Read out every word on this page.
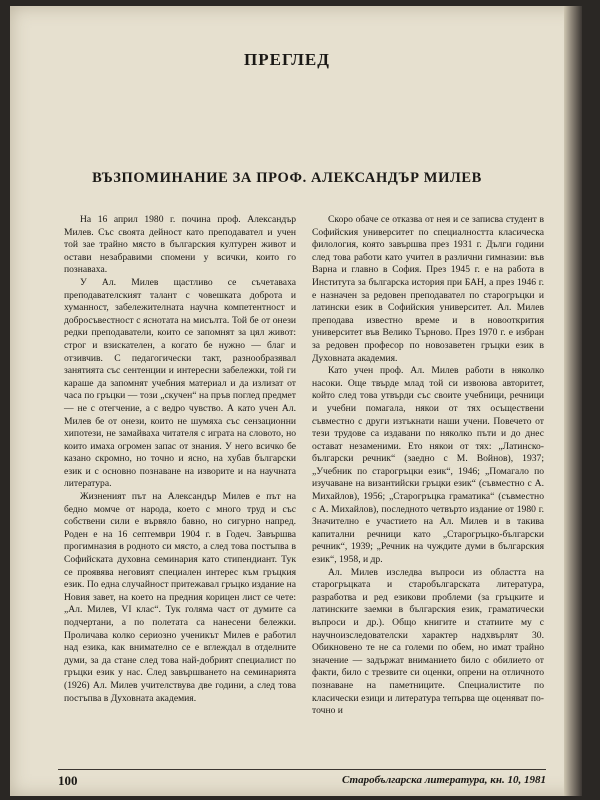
ПРЕГЛЕД
ВЪЗПОМИНАНИЕ ЗА ПРОФ. АЛЕКСАНДЪР МИЛЕВ

На 16 април 1980 г. почина проф. Александър Милев. Със своята дейност като преподавател и учен той зае трайно място в българския културен живот и остави незабравими спомени у всички, които го познаваха.

У Ал. Милев щастливо се съчетаваха преподавателският талант с човешката доброта и хуманност, забележителната научна компетентност и добросъвестност с яснотата на мисълта. Той бе от онези редки преподаватели, които се запомнят за цял живот: строг и взискателен, а когато бе нужно — благ и отзивчив. С педагогически такт, разнообразявал занятията със сентенции и интересни забележки, той ги караше да запомнят учебния материал и да излизат от часа по гръцки — този „скучен“ на пръв поглед предмет — не с отегчение, а с ведро чувство. А като учен Ал. Милев бе от онези, които не шумяха със сензационни хипотези, не замайваха читателя с играта на словото, но които имаха огромен запас от знания. У него всичко бе казано скромно, но точно и ясно, на хубав български език и с основно познаване на изворите и на научната литература.

Жизненият път на Александър Милев е път на бедно момче от народа, което с много труд и със собствени сили е вървяло бавно, но сигурно напред. Роден е на 16 септември 1904 г. в Годеч. Завършва прогимназия в родното си място, а след това постъпва в Софийската духовна семинария като стипендиант. Тук се проявява неговият специален интерес към гръцкия език. По една случайност притежавал гръцко издание на Новия завет, на което на предния корицен лист се чете: „Ал. Милев, VI клас“. Тук голяма част от думите са подчертани, а по полетата са нанесени бележки. Проличава колко сериозно ученикът Милев е работил над езика, как внимателно се е вглеждал в отделните думи, за да стане след това най-добрият специалист по гръцки език у нас. След завършването на семинарията (1926) Ал. Милев учителствува две години, а след това постъпва в Духовната академия.

Скоро обаче се отказва от нея и се записва студент в Софийския университет по специалността класическа филология, която завършва през 1931 г. Дълги години след това работи като учител в различни гимназии: във Варна и главно в София. През 1945 г. е на работа в Института за българска история при БАН, а през 1946 г. е назначен за редовен преподавател по старогръцки и латински език в Софийския университет. Ал. Милев преподава известно време и в новооткрития университет във Велико Търново. През 1970 г. е избран за редовен професор по новозаветен гръцки език в Духовната академия.

Като учен проф. Ал. Милев работи в няколко насоки. Още твърде млад той си извоюва авторитет, който след това утвърди със своите учебници, речници и учебни помагала, някои от тях осъществени съвместно с други изтъкнати наши учени. Повечето от тези трудове са издавани по няколко пъти и до днес остават незаменими. Ето някои от тях: „Латинско-български речник“ (заедно с М. Войнов), 1937; „Учебник по старогръцки език“, 1946; „Помагало по изучаване на византийски гръцки език“ (съвместно с А. Михайлов), 1956; „Старогръцка граматика“ (съвместно с А. Михайлов), последното четвърто издание от 1980 г. Значително е участието на Ал. Милев и в такива капитални речници като „Старогръцко-български речник“, 1939; „Речник на чуждите думи в българския език“, 1958, и др.

Ал. Милев изследва въпроси из областта на старогръцката и старобългарската литература, разработва и ред езикови проблеми (за гръцките и латинските заемки в българския език, граматически въпроси и др.). Общо книгите и статиите му с научноизследователски характер надхвърлят 30. Обикновено те не са големи по обем, но имат трайно значение — задържат вниманието било с обилието от факти, било с трезвите си оценки, опрени на отличното познаване на паметниците. Специалистите по класически езици и литература тепърва ще оценяват по-точно и

100	Старобългарска литература, кн. 10, 1981
